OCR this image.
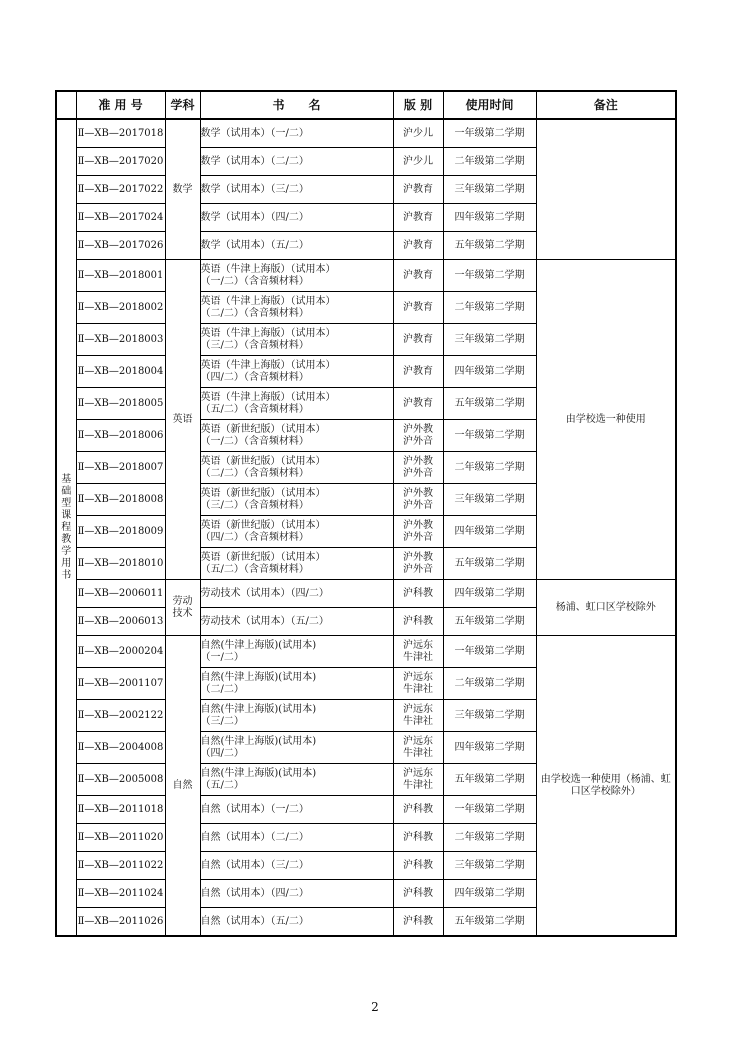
	准 用 号	学科	书　　名	版 别	使用时间	备注

基础型课程教学用书	Ⅱ—XB—2017018	数学	数学（试用本）（一/二）	沪少儿	一年级第二学期	
	Ⅱ—XB—2017020		数学（试用本）（二/二）	沪少儿	二年级第二学期	
	Ⅱ—XB—2017022		数学（试用本）（三/二）	沪教育	三年级第二学期	
	Ⅱ—XB—2017024		数学（试用本）（四/二）	沪教育	四年级第二学期	
	Ⅱ—XB—2017026		数学（试用本）（五/二）	沪教育	五年级第二学期	
	Ⅱ—XB—2018001	英语	英语（牛津上海版）（试用本）
（一/二）（含音频材料）	沪教育	一年级第二学期	由学校选一种使用
	Ⅱ—XB—2018002		英语（牛津上海版）（试用本）
（二/二）（含音频材料）	沪教育	二年级第二学期	
	Ⅱ—XB—2018003		英语（牛津上海版）（试用本）
（三/二）（含音频材料）	沪教育	三年级第二学期	
	Ⅱ—XB—2018004		英语（牛津上海版）（试用本）
（四/二）（含音频材料）	沪教育	四年级第二学期	
	Ⅱ—XB—2018005		英语（牛津上海版）（试用本）
（五/二）（含音频材料）	沪教育	五年级第二学期	
	Ⅱ—XB—2018006		英语（新世纪版）（试用本）
（一/二）（含音频材料）	沪外教
沪外音	一年级第二学期	
	Ⅱ—XB—2018007		英语（新世纪版）（试用本）
（二/二）（含音频材料）	沪外教
沪外音	二年级第二学期	
	Ⅱ—XB—2018008		英语（新世纪版）（试用本）
（三/二）（含音频材料）	沪外教
沪外音	三年级第二学期	
	Ⅱ—XB—2018009		英语（新世纪版）（试用本）
（四/二）（含音频材料）	沪外教
沪外音	四年级第二学期	
	Ⅱ—XB—2018010		英语（新世纪版）（试用本）
（五/二）（含音频材料）	沪外教
沪外音	五年级第二学期	
	Ⅱ—XB—2006011	劳动技术	劳动技术（试用本）（四/二）	沪科教	四年级第二学期	杨浦、虹口区学校除外
	Ⅱ—XB—2006013		劳动技术（试用本）（五/二）	沪科教	五年级第二学期	
	Ⅱ—XB—2000204	自然	自然(牛津上海版)(试用本)
（一/二）	沪远东
牛津社	一年级第二学期	由学校选一种使用（杨浦、虹口区学校除外）
	Ⅱ—XB—2001107		自然(牛津上海版)(试用本)
（二/二）	沪远东
牛津社	二年级第二学期	
	Ⅱ—XB—2002122		自然(牛津上海版)(试用本)
（三/二）	沪远东
牛津社	三年级第二学期	
	Ⅱ—XB—2004008		自然(牛津上海版)(试用本)
（四/二）	沪远东
牛津社	四年级第二学期	
	Ⅱ—XB—2005008		自然(牛津上海版)(试用本)
（五/二）	沪远东
牛津社	五年级第二学期	
	Ⅱ—XB—2011018		自然（试用本）（一/二）	沪科教	一年级第二学期	
	Ⅱ—XB—2011020		自然（试用本）（二/二）	沪科教	二年级第二学期	
	Ⅱ—XB—2011022		自然（试用本）（三/二）	沪科教	三年级第二学期	
	Ⅱ—XB—2011024		自然（试用本）（四/二）	沪科教	四年级第二学期	
	Ⅱ—XB—2011026		自然（试用本）（五/二）	沪科教	五年级第二学期	
2
